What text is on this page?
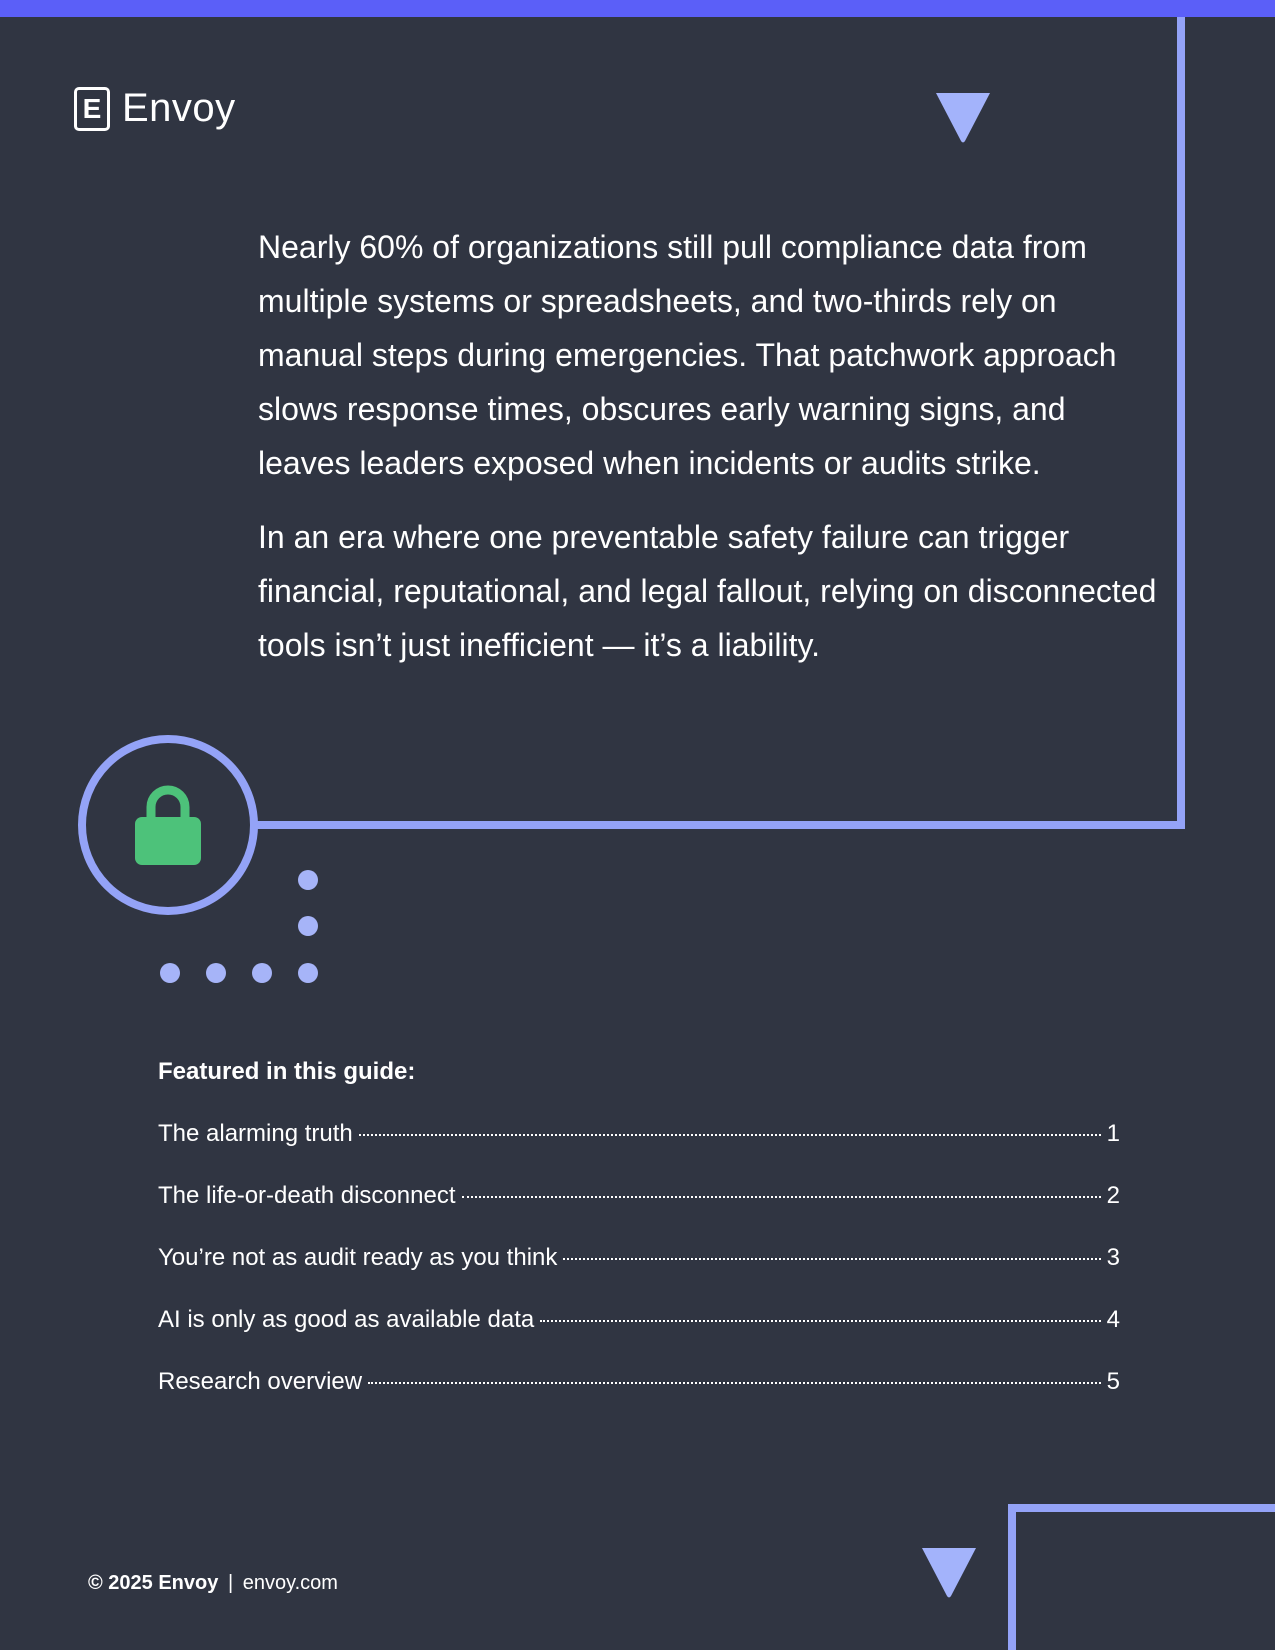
E Envoy

Nearly 60% of organizations still pull compliance data from multiple systems or spreadsheets, and two-thirds rely on manual steps during emergencies. That patchwork approach slows response times, obscures early warning signs, and leaves leaders exposed when incidents or audits strike.

In an era where one preventable safety failure can trigger financial, reputational, and legal fallout, relying on disconnected tools isn’t just inefficient — it’s a liability.

Featured in this guide:
The alarming truth	1
The life-or-death disconnect	2
You’re not as audit ready as you think	3
AI is only as good as available data	4
Research overview	5
© 2025 Envoy | envoy.com
